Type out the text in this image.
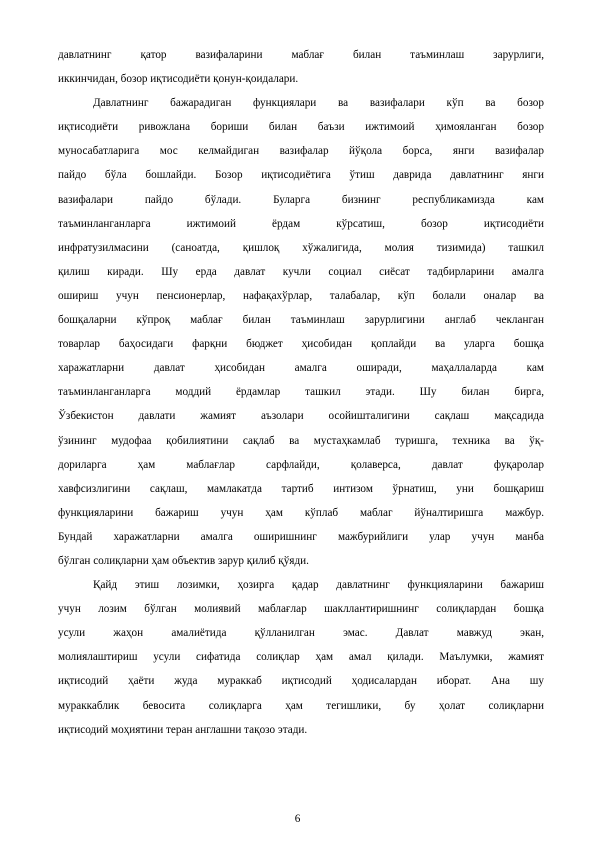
давлатнинг қатор вазифаларини маблағ билан таъминлаш зарурлиги,
иккинчидан, бозор иқтисодиёти қонун-қоидалари.
Давлатнинг бажарадиган функциялари ва вазифалари кўп ва бозор
иқтисодиёти ривожлана бориши билан баъзи ижтимоий ҳимояланган бозор
муносабатларига мос келмайдиган вазифалар йўқола борса, янги вазифалар
пайдо бўла бошлайди. Бозор иқтисодиётига ўтиш даврида давлатнинг янги
вазифалари пайдо бўлади. Буларга бизнинг республикамизда кам
таъминланганларга ижтимоий ёрдам кўрсатиш, бозор иқтисодиёти
инфратузилмасини (саноатда, қишлоқ хўжалигида, молия тизимида) ташкил
қилиш киради. Шу ерда давлат кучли социал сиёсат тадбирларини амалга
ошириш учун пенсионерлар, нафақахўрлар, талабалар, кўп болали оналар ва
бошқаларни кўпроқ маблағ билан таъминлаш зарурлигини англаб чекланган
товарлар баҳосидаги фарқни бюджет ҳисобидан қоплайди ва уларга бошқа
харажатларни давлат ҳисобидан амалга оширади, маҳаллаларда кам
таъминланганларга моддий ёрдамлар ташкил этади. Шу билан бирга,
Ўзбекистон давлати жамият аъзолари осойишталигини сақлаш мақсадида
ўзининг мудофаа қобилиятини сақлаб ва мустаҳкамлаб туришга, техника ва ўқ-
дориларга ҳам маблағлар сарфлайди, қолаверса, давлат фуқаролар
хавфсизлигини сақлаш, мамлакатда тартиб интизом ўрнатиш, уни бошқариш
функцияларини бажариш учун ҳам кўплаб маблаг йўналтиришга мажбур.
Бундай харажатларни амалга оширишнинг мажбурийлиги улар учун манба
бўлган солиқларни ҳам объектив зарур қилиб қўяди.
Қайд этиш лозимки, ҳозирга қадар давлатнинг функцияларини бажариш
учун лозим бўлган молиявий маблағлар шакллантиришнинг солиқлардан бошқа
усули жаҳон амалиётида қўлланилган эмас. Давлат мавжуд экан,
молиялаштириш усули сифатида солиқлар ҳам амал қилади. Маълумки, жамият
иқтисодий ҳаёти жуда мураккаб иқтисодий ҳодисалардан иборат. Ана шу
мураккаблик бевосита солиқларга ҳам тегишлики, бу ҳолат солиқларни
иқтисодий моҳиятини теран англашни тақозо этади.
6
